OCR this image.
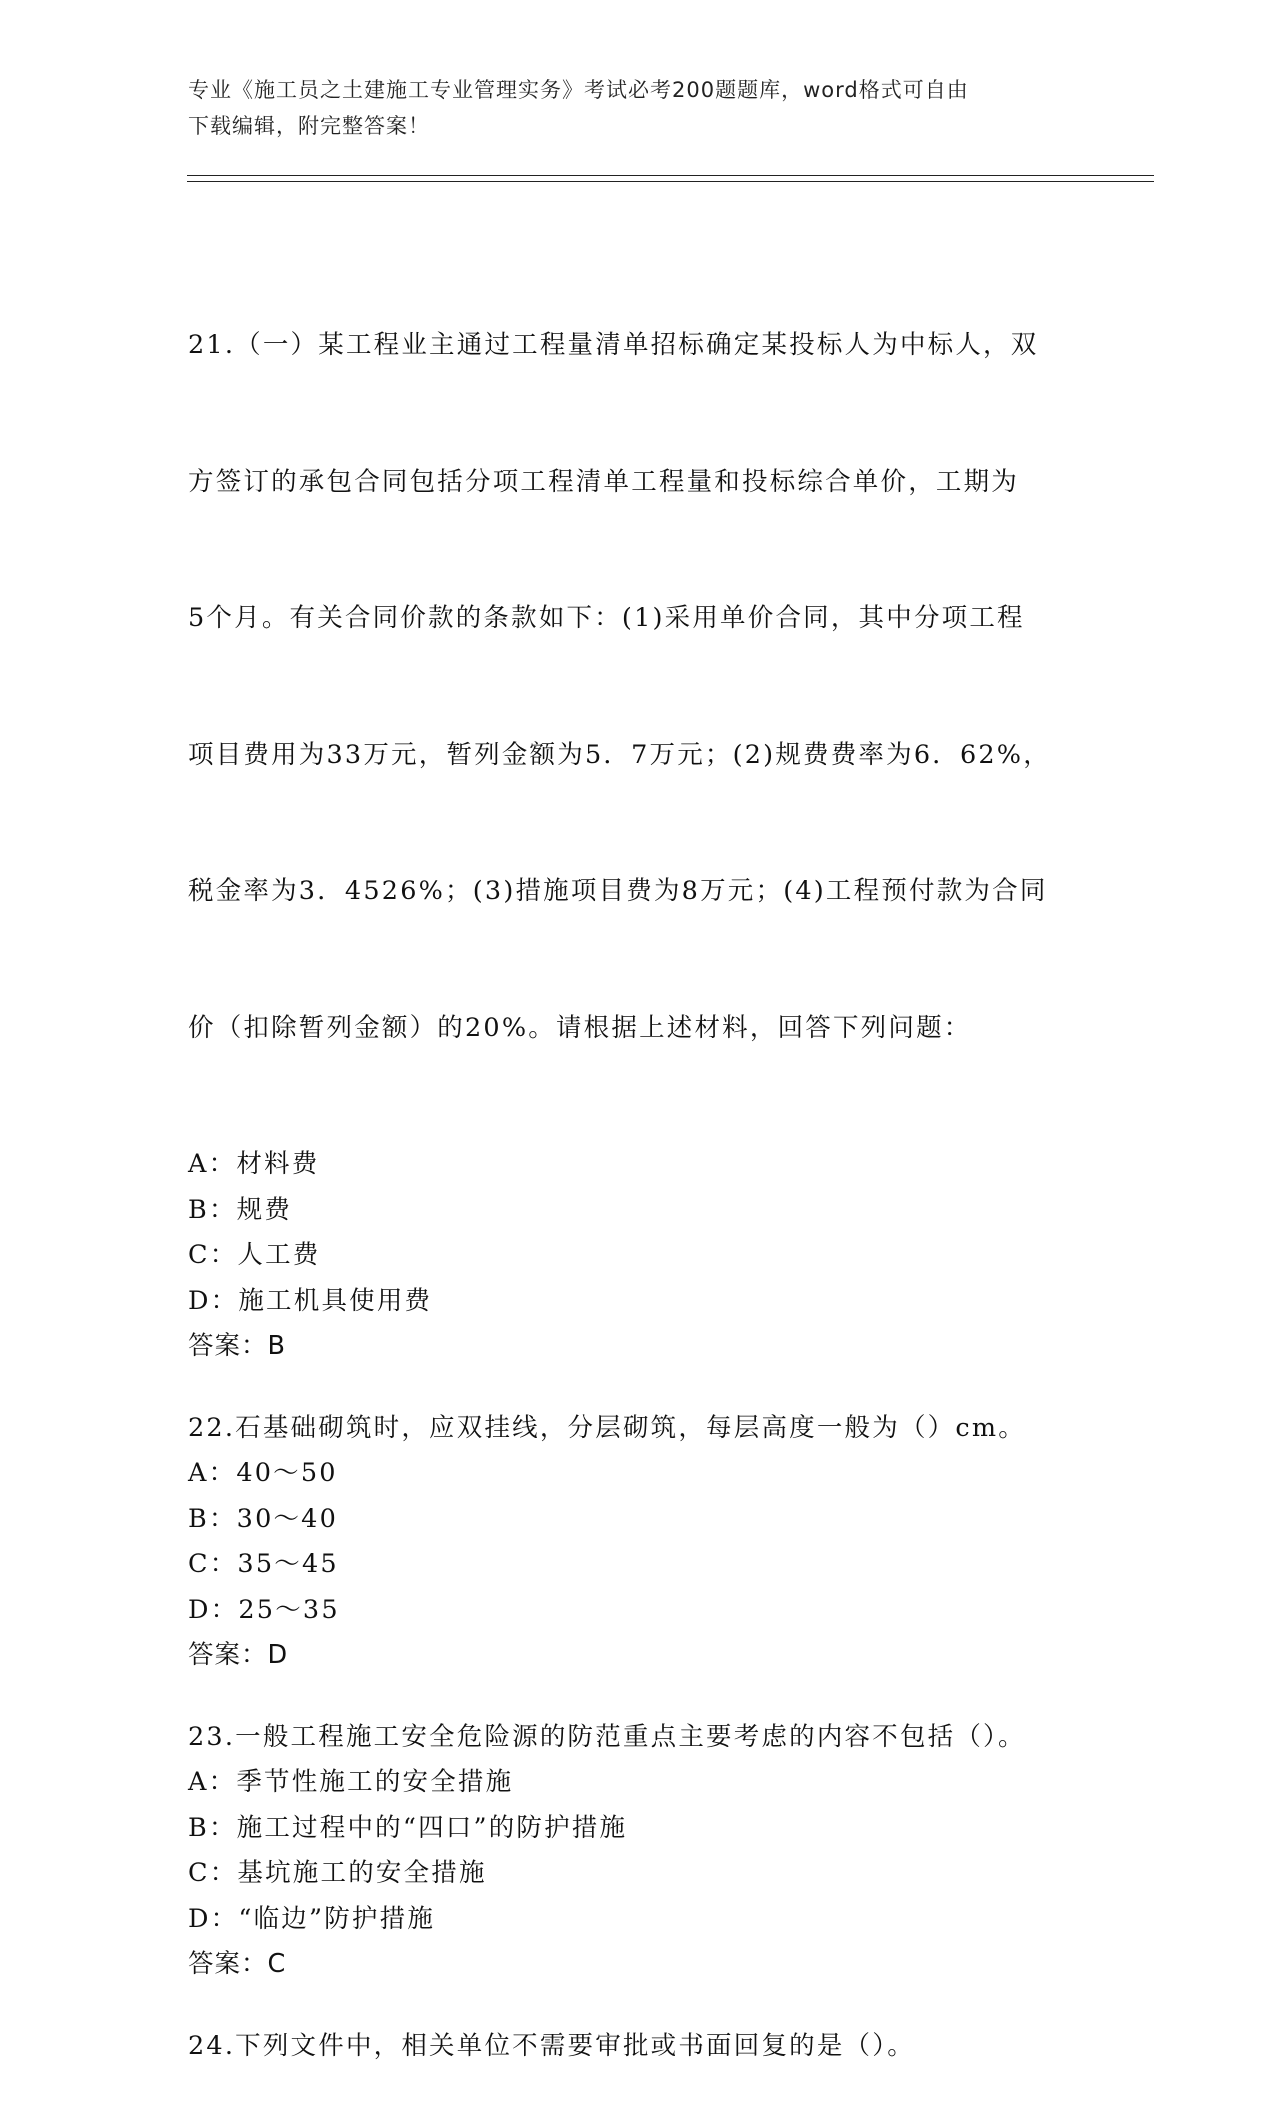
专业《施工员之土建施工专业管理实务》考试必考200题题库，word格式可自由
下载编辑，附完整答案！

21.（一）某工程业主通过工程量清单招标确定某投标人为中标人，双

方签订的承包合同包括分项工程清单工程量和投标综合单价，工期为

5个月。有关合同价款的条款如下：(1)采用单价合同，其中分项工程

项目费用为33万元，暂列金额为5．7万元；(2)规费费率为6．62%，

税金率为3．4526%；(3)措施项目费为8万元；(4)工程预付款为合同

价（扣除暂列金额）的20%。请根据上述材料，回答下列问题：

A：材料费
B：规费
C：人工费
D：施工机具使用费
答案：B
22.石基础砌筑时，应双挂线，分层砌筑，每层高度一般为（）cm。
A：40～50
B：30～40
C：35～45
D：25～35
答案：D
23.一般工程施工安全危险源的防范重点主要考虑的内容不包括（）。
A：季节性施工的安全措施
B：施工过程中的“四口”的防护措施
C：基坑施工的安全措施
D：“临边”防护措施
答案：C
24.下列文件中，相关单位不需要审批或书面回复的是（）。
